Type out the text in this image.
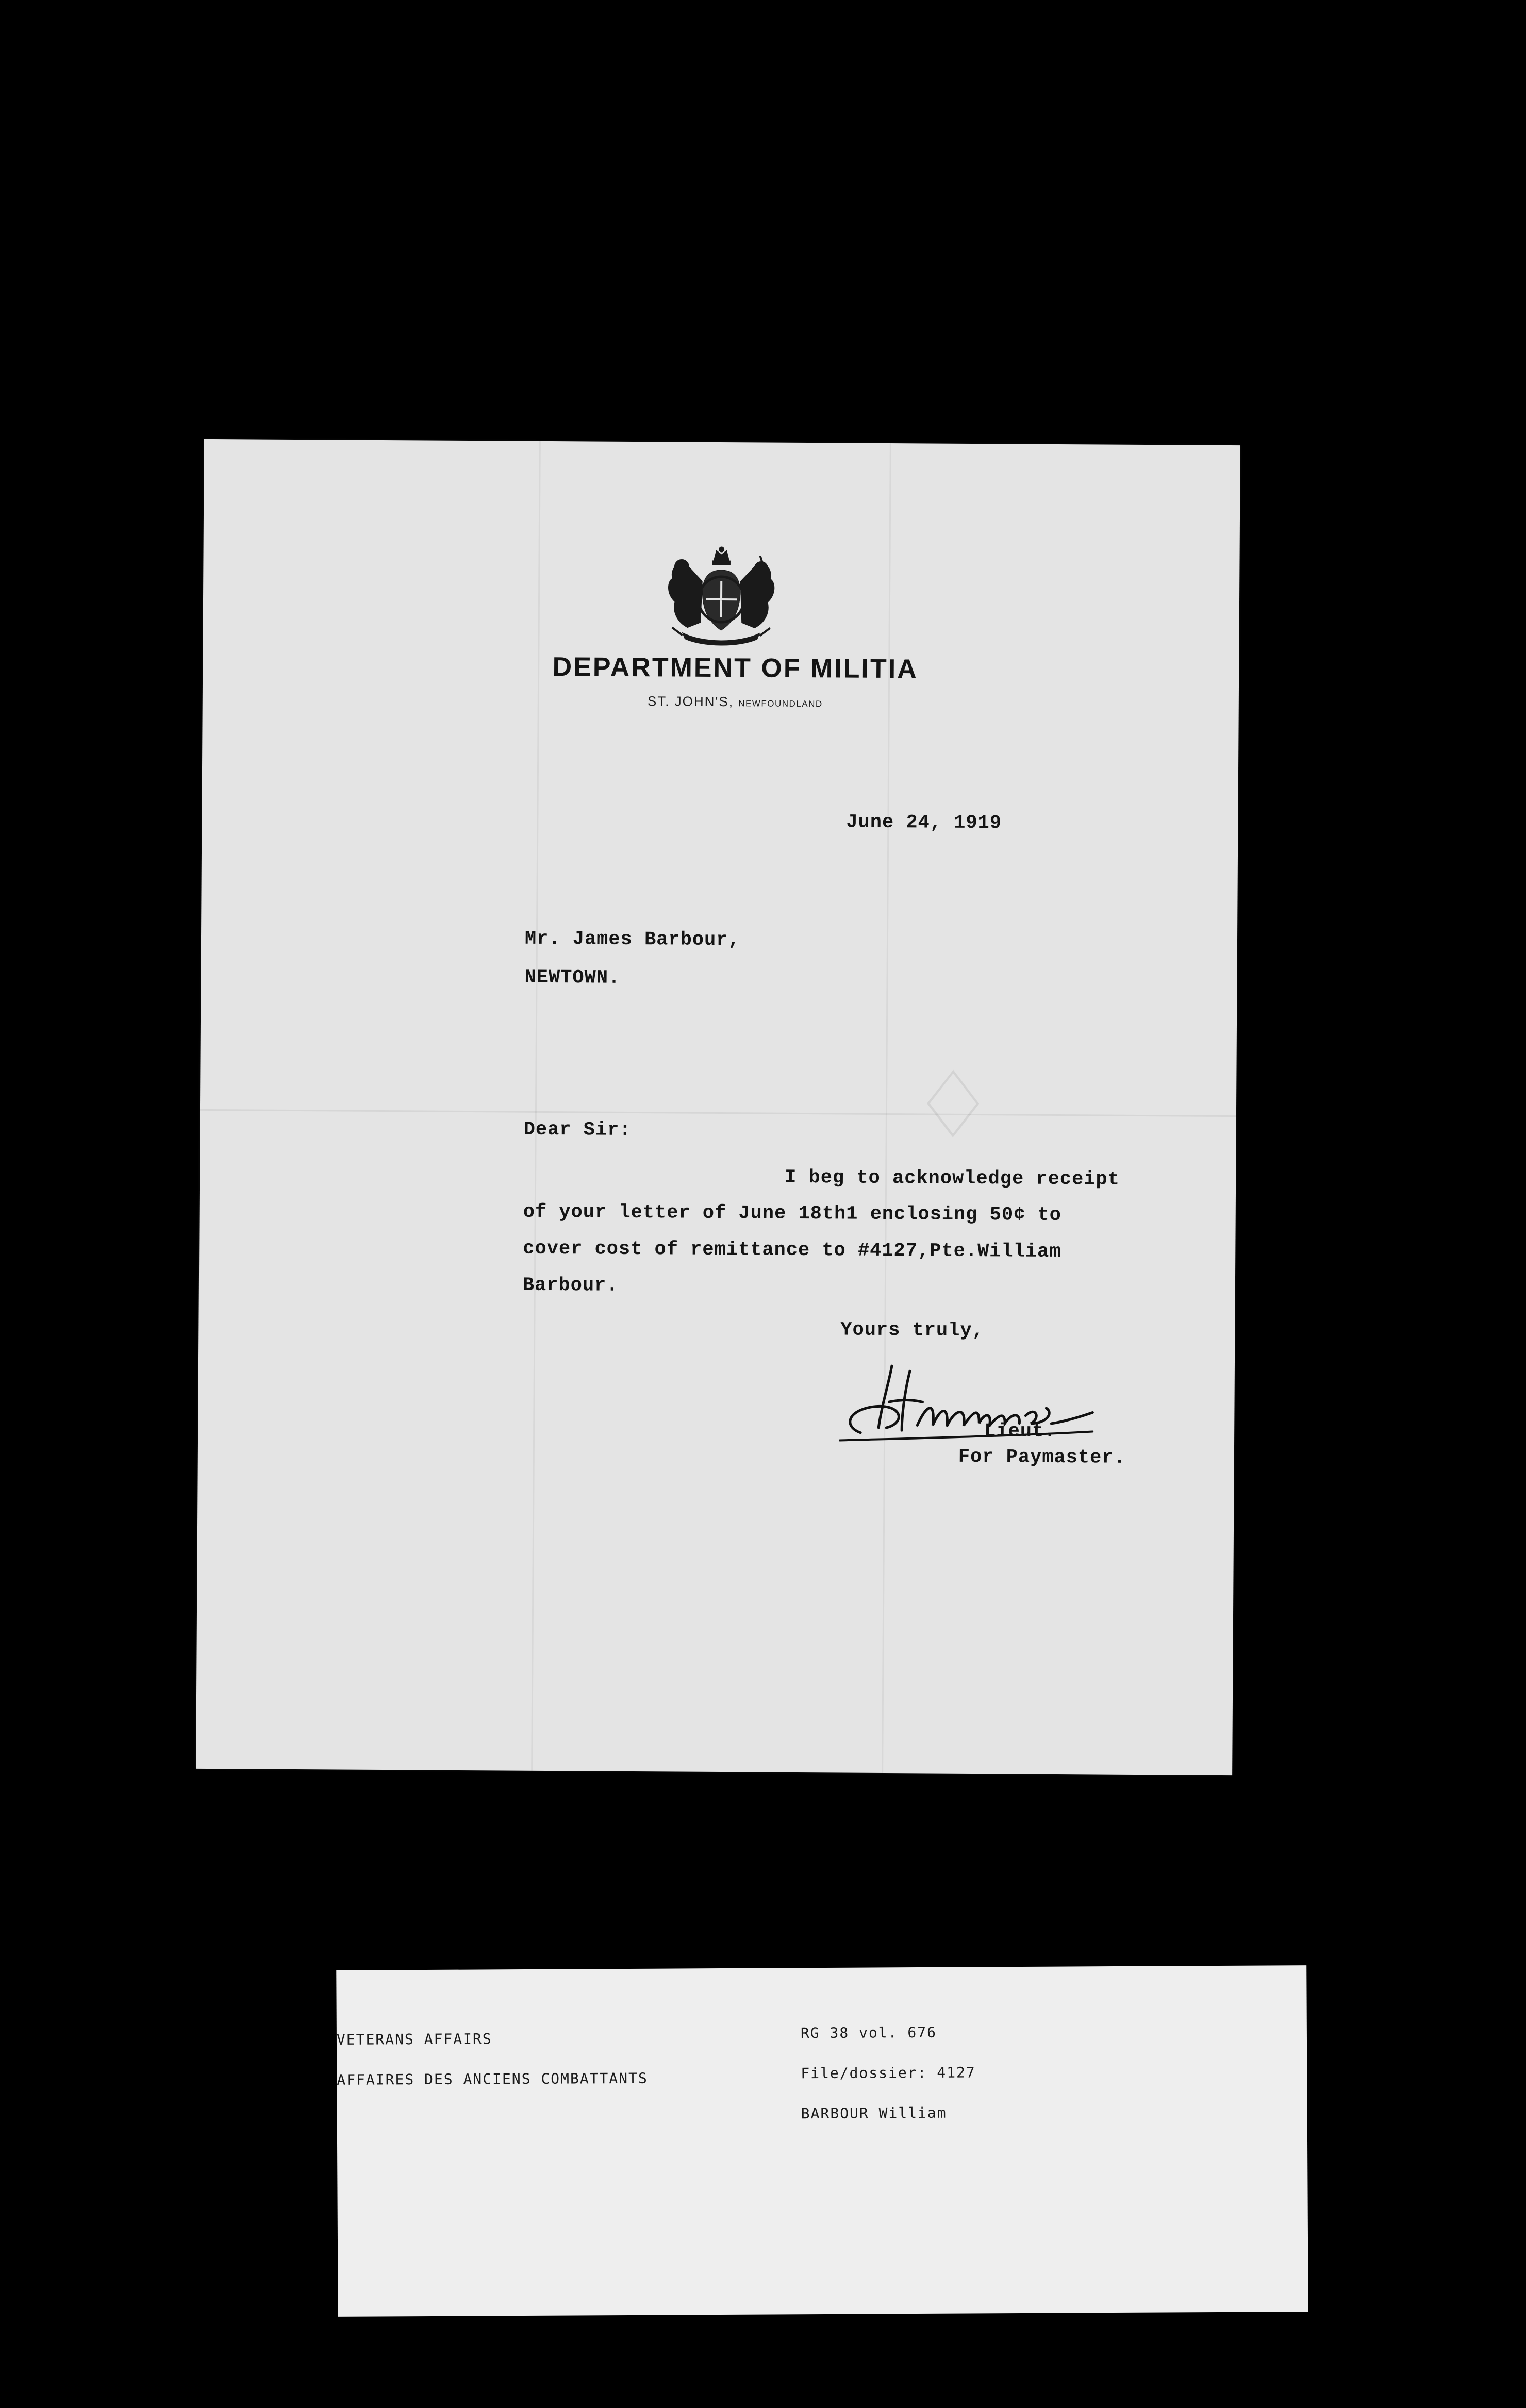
DEPARTMENT OF MILITIA
ST. JOHN'S, NEWFOUNDLAND
♢
June 24, 1919
Mr. James Barbour,
NEWTOWN.
Dear Sir:
I beg to acknowledge receipt
of your letter of June 18th1 enclosing 50¢ to
cover cost of remittance to #4127,Pte.William
Barbour.
Yours truly,
Lieut.
For Paymaster.

VETERANS AFFAIRS

AFFAIRES DES ANCIENS COMBATTANTS

RG 38 vol. 676

File/dossier: 4127

BARBOUR William
